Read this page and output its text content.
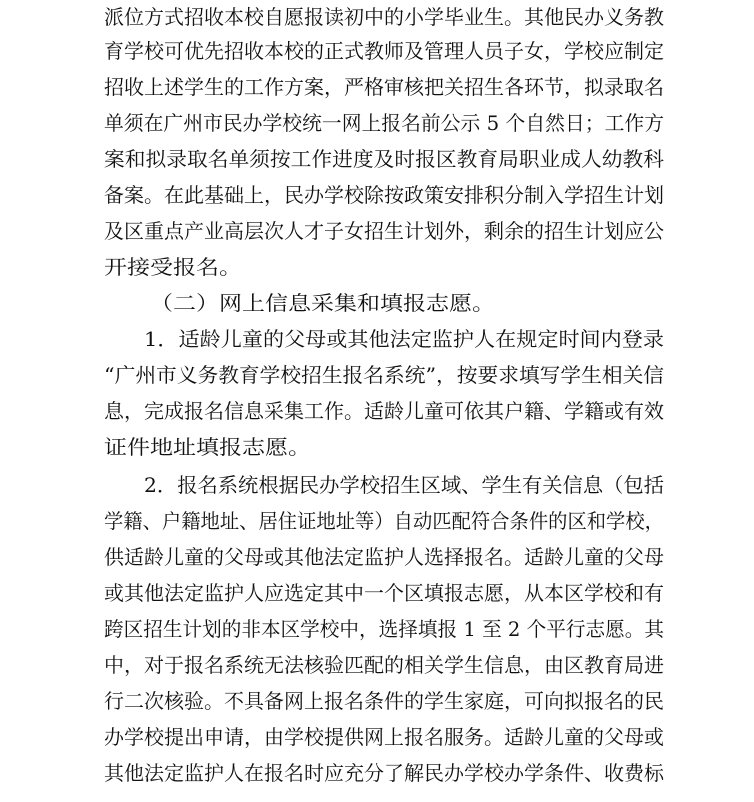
派位方式招收本校自愿报读初中的小学毕业生。其他民办义务教
育学校可优先招收本校的正式教师及管理人员子女，学校应制定
招收上述学生的工作方案，严格审核把关招生各环节，拟录取名
单须在广州市民办学校统一网上报名前公示 5 个自然日；工作方
案和拟录取名单须按工作进度及时报区教育局职业成人幼教科
备案。在此基础上，民办学校除按政策安排积分制入学招生计划
及区重点产业高层次人才子女招生计划外，剩余的招生计划应公
开接受报名。
（二）网上信息采集和填报志愿。
1．适龄儿童的父母或其他法定监护人在规定时间内登录
“广州市义务教育学校招生报名系统”，按要求填写学生相关信
息，完成报名信息采集工作。适龄儿童可依其户籍、学籍或有效
证件地址填报志愿。
2．报名系统根据民办学校招生区域、学生有关信息（包括
学籍、户籍地址、居住证地址等）自动匹配符合条件的区和学校，
供适龄儿童的父母或其他法定监护人选择报名。适龄儿童的父母
或其他法定监护人应选定其中一个区填报志愿，从本区学校和有
跨区招生计划的非本区学校中，选择填报 1 至 2 个平行志愿。其
中，对于报名系统无法核验匹配的相关学生信息，由区教育局进
行二次核验。不具备网上报名条件的学生家庭，可向拟报名的民
办学校提出申请，由学校提供网上报名服务。适龄儿童的父母或
其他法定监护人在报名时应充分了解民办学校办学条件、收费标
